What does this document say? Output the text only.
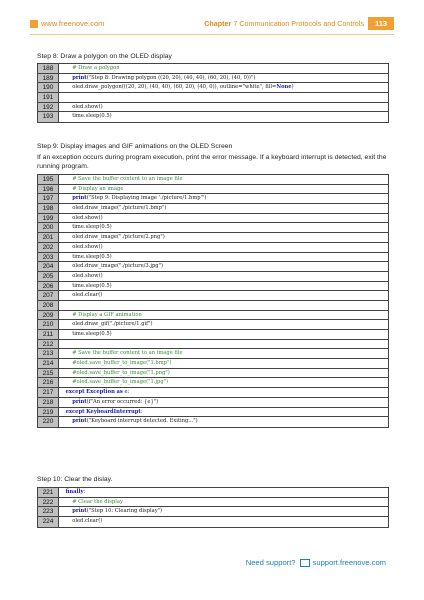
www.freenove.com	Chapter 7 Communication Protocols and Controls	113
Step 8: Draw a polygon on the OLED display
188	# Draw a polygon
189	print("Step 8: Drawing polygon ((20, 20), (40, 40), (60, 20), (40, 0))")
190	oled.draw_polygon(((20, 20), (40, 40), (60, 20), (40, 0)), outline="white", fill=None)
191
192	oled.show()
193	time.sleep(0.5)
Step 9: Display images and GIF animations on the OLED Screen
If an exception occurs during program execution, print the error message. If a keyboard interrupt is detected, exit the running program.
195	# Save the buffer content to an image file
196	# Display an image
197	print("Step 9: Displaying image './picture/1.bmp'")
198	oled.draw_image("./picture/1.bmp")
199	oled.show()
200	time.sleep(0.5)
201	oled.draw_image("./picture/2.png")
202	oled.show()
203	time.sleep(0.5)
204	oled.draw_image("./picture/3.jpg")
205	oled.show()
206	time.sleep(0.5)
207	oled.clear()
208
209	# Display a GIF animation
210	oled.draw_gif("./picture/1.gif")
211	time.sleep(0.5)
212
213	# Save the buffer content to an image file
214	#oled.save_buffer_to_image("1.bmp")
215	#oled.save_buffer_to_image("1.png")
216	#oled.save_buffer_to_image("1.jpg")
217	except Exception as e:
218	print(f"An error occurred: {e}")
219	except KeyboardInterrupt:
220	print("Keyboard interrupt detected. Exiting...")
Step 10: Clear the dislay.
221	finally:
222	# Clear the display
223	print("Step 10: Clearing display")
224	oled.clear()
Need support? support.freenove.com
